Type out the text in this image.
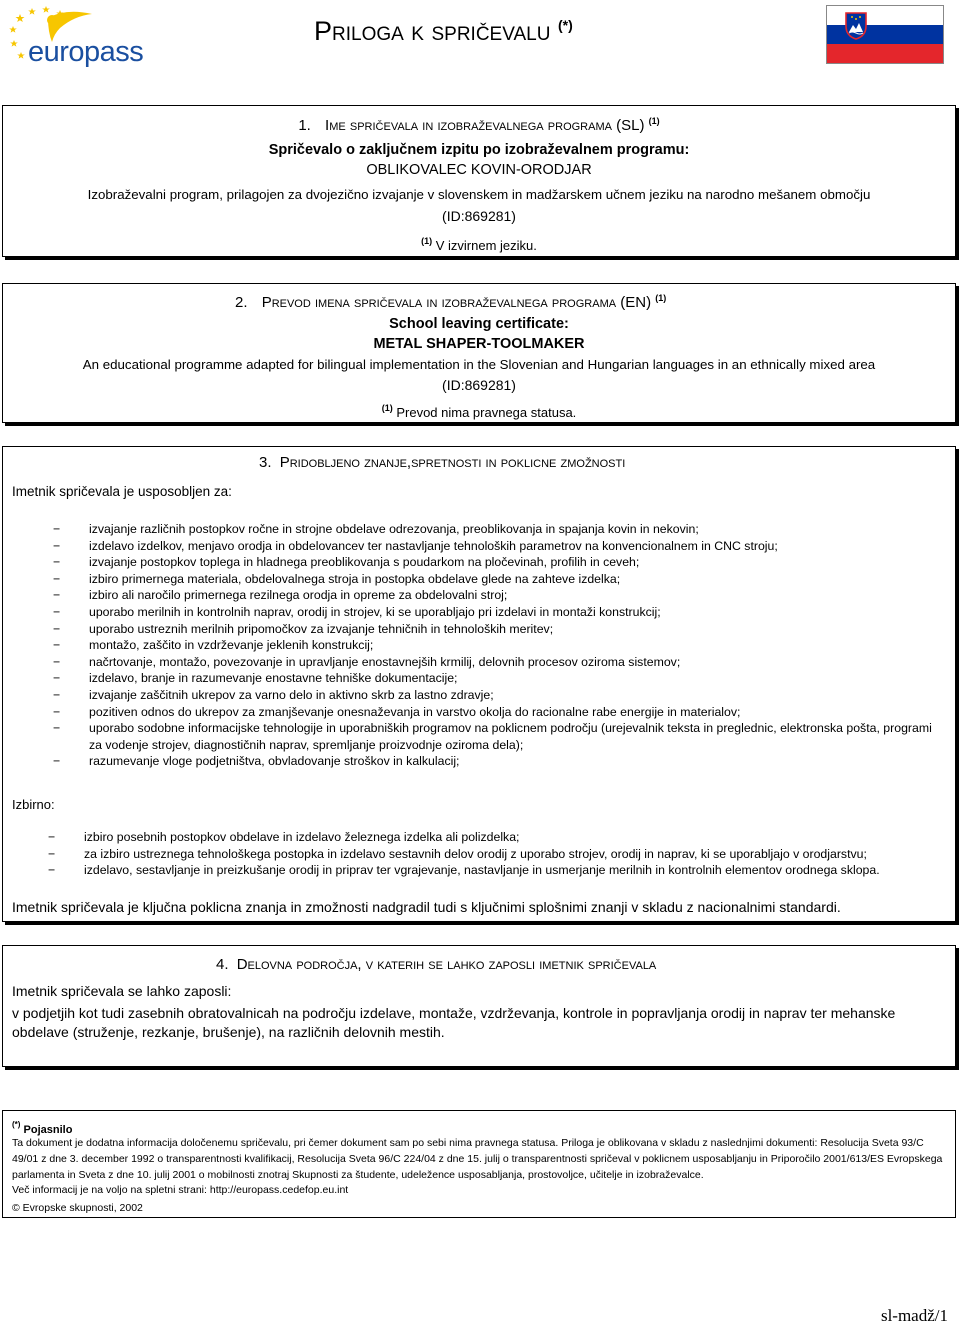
europass
Priloga k spričevalu (*)
1. Ime spričevala in izobraževalnega programa (SL) $^{(1)}$
Spričevalo o zaključnem izpitu po izobraževalnem programu:
OBLIKOVALEC KOVIN-ORODJAR
Izobraževalni program, prilagojen za dvojezično izvajanje v slovenskem in madžarskem učnem jeziku na narodno mešanem območju
(ID:869281)
$^{(1)}$ V izvirnem jeziku.
2. Prevod imena spričevala in izobraževalnega programa (EN) $^{(1)}$
School leaving certificate:
METAL SHAPER-TOOLMAKER
An educational programme adapted for bilingual implementation in the Slovenian and Hungarian languages in an ethnically mixed area
(ID:869281)
$^{(1)}$ Prevod nima pravnega statusa.
3. Pridobljeno znanje,spretnosti in poklicne zmožnosti
Imetnik spričevala je usposobljen za:
− izvajanje različnih postopkov ročne in strojne obdelave odrezovanja, preoblikovanja in spajanja kovin in nekovin;
− izdelavo izdelkov, menjavo orodja in obdelovancev ter nastavljanje tehnoloških parametrov na konvencionalnem in CNC stroju;
− izvajanje postopkov toplega in hladnega preoblikovanja s poudarkom na pločevinah, profilih in ceveh;
− izbiro primernega materiala, obdelovalnega stroja in postopka obdelave glede na zahteve izdelka;
− izbiro ali naročilo primernega rezilnega orodja in opreme za obdelovalni stroj;
− uporabo merilnih in kontrolnih naprav, orodij in strojev, ki se uporabljajo pri izdelavi in montaži konstrukcij;
− uporabo ustreznih merilnih pripomočkov za izvajanje tehničnih in tehnoloških meritev;
− montažo, zaščito in vzdrževanje jeklenih konstrukcij;
− načrtovanje, montažo, povezovanje in upravljanje enostavnejših krmilij, delovnih procesov oziroma sistemov;
− izdelavo, branje in razumevanje enostavne tehniške dokumentacije;
− izvajanje zaščitnih ukrepov za varno delo in aktivno skrb za lastno zdravje;
− pozitiven odnos do ukrepov za zmanjševanje onesnaževanja in varstvo okolja do racionalne rabe energije in materialov;
− uporabo sodobne informacijske tehnologije in uporabniških programov na poklicnem področju (urejevalnik teksta in preglednic, elektronska pošta, programi za vodenje strojev, diagnostičnih naprav, spremljanje proizvodnje oziroma dela);
− razumevanje vloge podjetništva, obvladovanje stroškov in kalkulacij;
Izbirno:
− izbiro posebnih postopkov obdelave in izdelavo železnega izdelka ali polizdelka;
− za izbiro ustreznega tehnološkega postopka in izdelavo sestavnih delov orodij z uporabo strojev, orodij in naprav, ki se uporabljajo v orodjarstvu;
− izdelavo, sestavljanje in preizkušanje orodij in priprav ter vgrajevanje, nastavljanje in usmerjanje merilnih in kontrolnih elementov orodnega sklopa.
Imetnik spričevala je ključna poklicna znanja in zmožnosti nadgradil tudi s ključnimi splošnimi znanji v skladu z nacionalnimi standardi.
4. Delovna področja, v katerih se lahko zaposli imetnik spričevala
Imetnik spričevala se lahko zaposli:
v podjetjih kot tudi zasebnih obratovalnicah na področju izdelave, montaže, vzdrževanja, kontrole in popravljanja orodij in naprav ter mehanske obdelave (struženje, rezkanje, brušenje), na različnih delovnih mestih.
(*) Pojasnilo

Ta dokument je dodatna informacija določenemu spričevalu, pri čemer dokument sam po sebi nima pravnega statusa. Priloga je oblikovana v skladu z naslednjimi dokumenti: Resolucija Sveta 93/C 49/01 z dne 3. december 1992 o transparentnosti kvalifikacij, Resolucija Sveta 96/C 224/04 z dne 15. julij o transparentnosti spričeval v poklicnem usposabljanju in Priporočilo 2001/613/ES Evropskega parlamenta in Sveta z dne 10. julij 2001 o mobilnosti znotraj Skupnosti za študente, udeležence usposabljanja, prostovoljce, učitelje in izobraževalce.

Več informacij je na voljo na spletni strani: http://europass.cedefop.eu.int

© Evropske skupnosti, 2002

sl-madž/1
